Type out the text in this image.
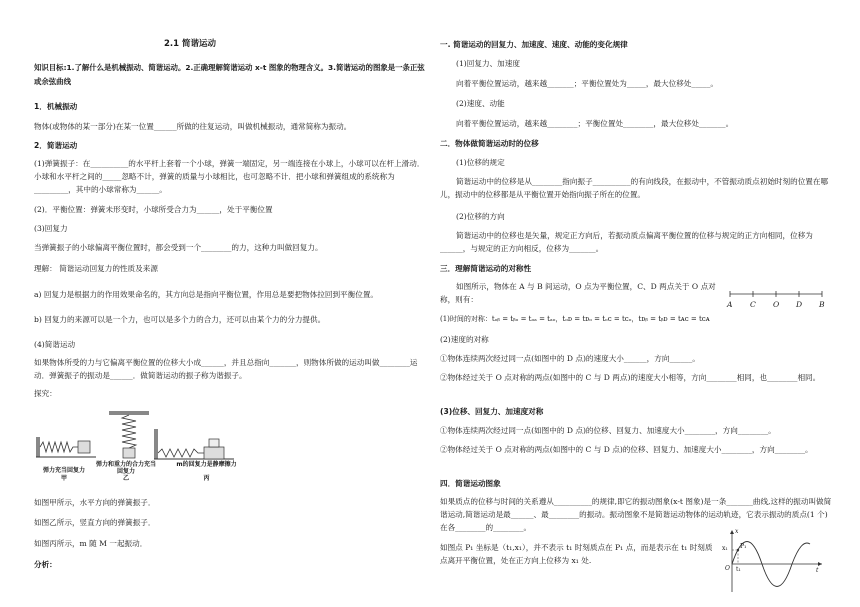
2.1 简谐运动
知识目标:1.了解什么是机械振动、简谐运动。2.正确理解简谐运动 x-t 图象的物理含义。3.简谐运动的图象是一条正弦或余弦曲线
1．机械振动
物体(或物体的某一部分)在某一位置______所做的往复运动，叫做机械振动，通常简称为振动。
2．简谐运动
(1)弹簧振子：在__________的水平杆上套着一个小球，弹簧一端固定，另一端连接在小球上，小球可以在杆上滑动．小球和水平杆之间的_____忽略不计，弹簧的质量与小球相比，也可忽略不计．把小球和弹簧组成的系统称为_________，其中的小球常称为______。
(2)．平衡位置：弹簧未形变时，小球所受合力为______，处于平衡位置
(3)回复力
当弹簧振子的小球偏离平衡位置时，都会受到一个________的力，这种力叫做回复力。
理解： 简谐运动回复力的性质及来源
a) 回复力是根据力的作用效果命名的，其方向总是指向平衡位置，作用总是要把物体拉回到平衡位置。
b) 回复力的来源可以是一个力，也可以是多个力的合力，还可以由某个力的分力提供。
(4)简谐运动
如果物体所受的力与它偏离平衡位置的位移大小成______，并且总指向_______，则物体所做的运动叫做________运动．弹簧振子的振动是______．做简谐运动的振子称为谐振子。
探究：
弹力充当回复力
甲
弹力和重力的合力充当回复力
乙
m的回复力是静摩擦力
丙
如图甲所示，水平方向的弹簧振子．
如图乙所示，竖直方向的弹簧振子．
如图丙所示，m 随 M 一起振动．
分析：
一. 简谐运动的回复力、加速度、速度、动能的变化规律
(1)回复力、加速度
向着平衡位置运动，越来越_______；平衡位置处为_____，最大位移处_____。
(2)速度、动能
向着平衡位置运动，越来越________；平衡位置处________，最大位移处_______。
二．物体做简谐运动时的位移
(1)位移的规定
简谐运动中的位移是从________指向振子__________的有向线段，在振动中，不管振动质点初始时刻的位置在哪儿，振动中的位移都是从平衡位置开始指向振子所在的位置。
(2)位移的方向
简谐运动中的位移也是矢量，规定正方向后，若振动质点偏离平衡位置的位移与规定的正方向相同，位移为______，与规定的正方向相反，位移为_______。
三．理解简谐运动的对称性
如图所示，物体在 A 与 B 间运动，O 点为平衡位置，C、D 两点关于 O 点对称，则有：
A C O D B
(1)时间的对称：tₒᵦ = tᵦₒ = tₒₐ = tₐₒ，tₒᴅ = tᴅₒ = tₒᴄ = tᴄₒ，tᴅᵦ = tᵦᴅ = tᴀᴄ = tᴄᴀ
(2)速度的对称
①物体连续两次经过同一点(如图中的 D 点)的速度大小______，方向______。
②物体经过关于 O 点对称的两点(如图中的 C 与 D 两点)的速度大小相等，方向________相同，也________相同。
(3)位移、回复力、加速度对称
①物体连续两次经过同一点(如图中的 D 点)的位移、回复力、加速度大小________，方向________。
②物体经过关于 O 点对称的两点(如图中的 C 与 D 点)的位移、回复力、加速度大小________，方向________。
四．简谐运动图象
如果质点的位移与时间的关系遵从__________的规律,即它的振动图象(x-t 图象)是一条_______曲线,这样的振动叫做简谐运动,简谐运动是最______、最________的振动。振动图象不是简谐运动物体的运动轨迹，它表示振动的质点(1 个)在各________的________。
如图点 P₁ 坐标是（t₁,x₁），并不表示 t₁ 时刻质点在 P₁ 点，而是表示在 t₁ 时刻质点离开平衡位置，处在正方向上位移为 x₁ 处.
x
x₁ P₁
O t₁	t
